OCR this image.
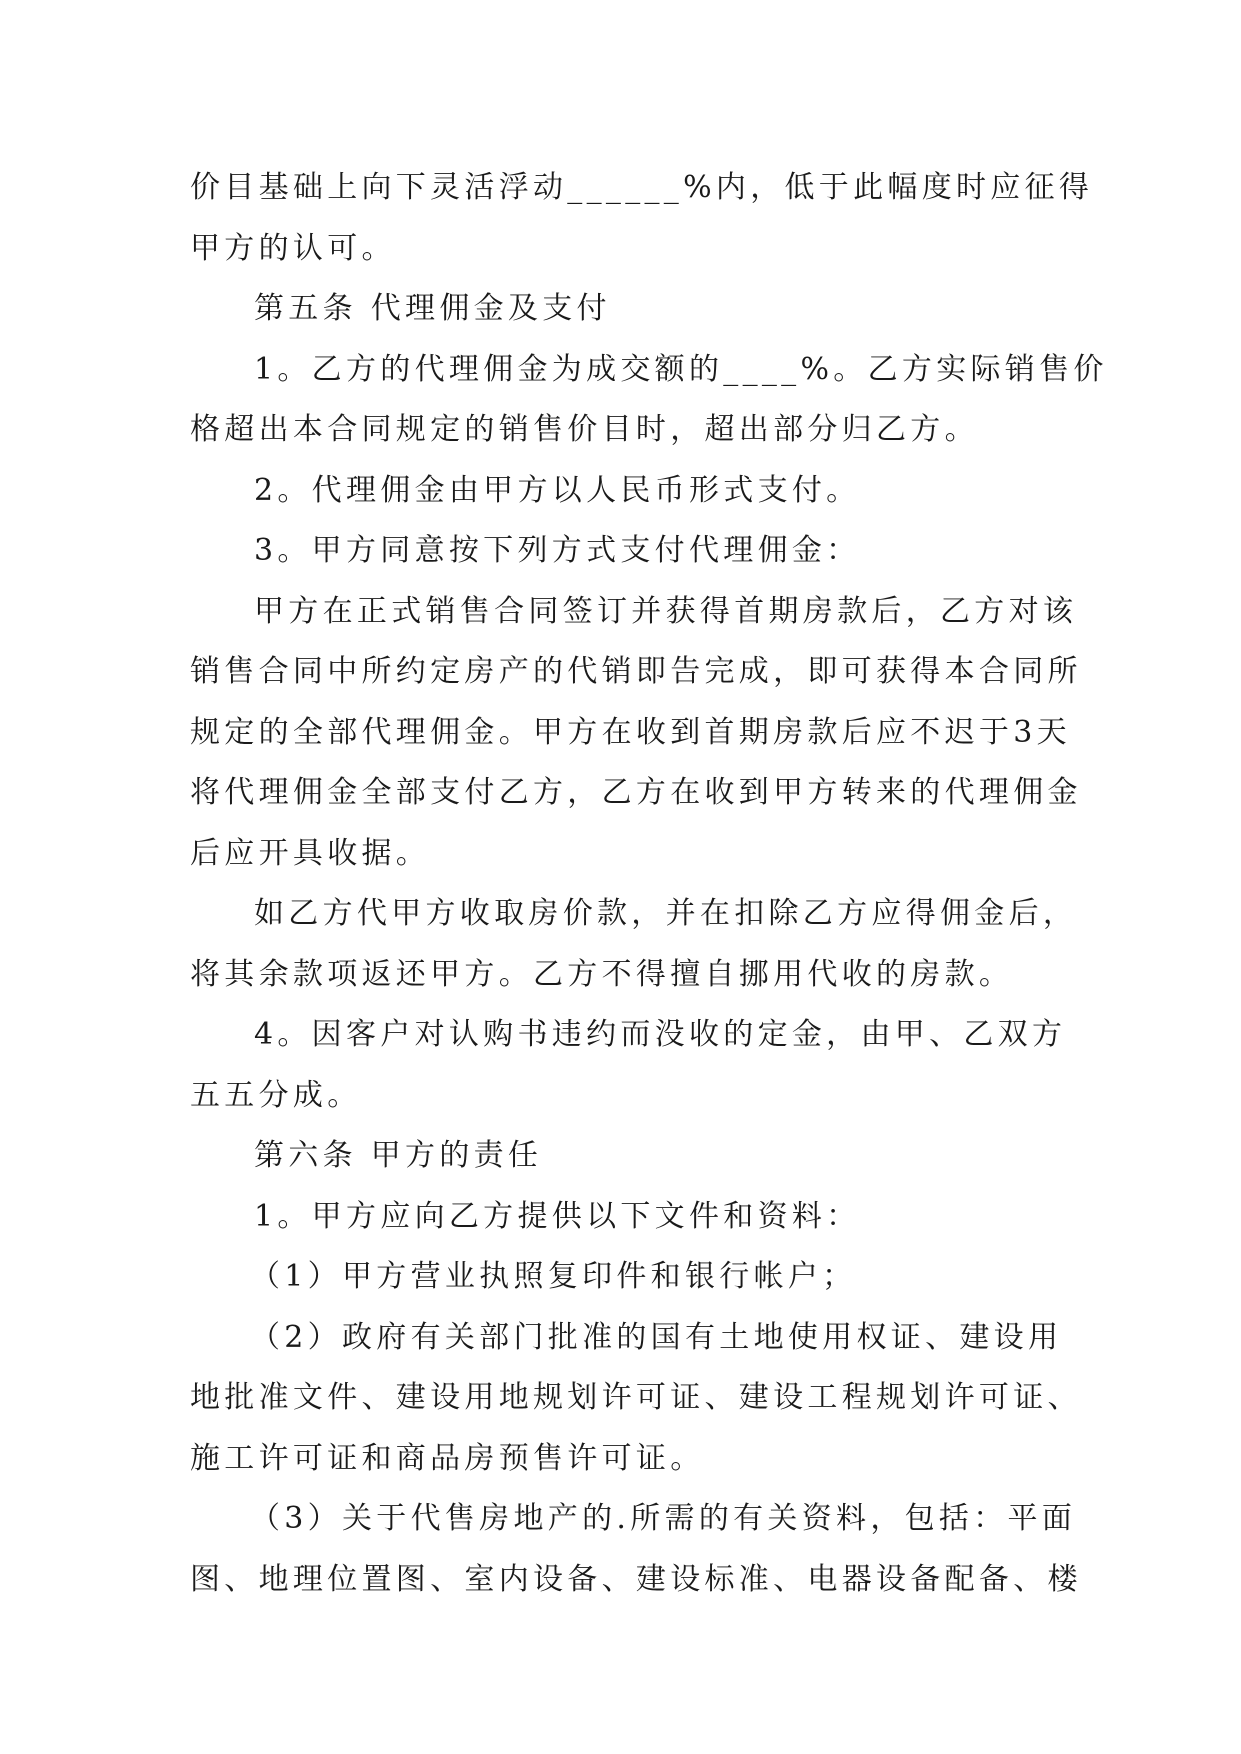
价目基础上向下灵活浮动______%内，低于此幅度时应征得
甲方的认可。
第五条 代理佣金及支付
1。乙方的代理佣金为成交额的____%。乙方实际销售价
格超出本合同规定的销售价目时，超出部分归乙方。
2。代理佣金由甲方以人民币形式支付。
3。甲方同意按下列方式支付代理佣金：
甲方在正式销售合同签订并获得首期房款后，乙方对该
销售合同中所约定房产的代销即告完成，即可获得本合同所
规定的全部代理佣金。甲方在收到首期房款后应不迟于3天
将代理佣金全部支付乙方，乙方在收到甲方转来的代理佣金
后应开具收据。
如乙方代甲方收取房价款，并在扣除乙方应得佣金后，
将其余款项返还甲方。乙方不得擅自挪用代收的房款。
4。因客户对认购书违约而没收的定金，由甲、乙双方
五五分成。
第六条 甲方的责任
1。甲方应向乙方提供以下文件和资料：
（1）甲方营业执照复印件和银行帐户；
（2）政府有关部门批准的国有土地使用权证、建设用
地批准文件、建设用地规划许可证、建设工程规划许可证、
施工许可证和商品房预售许可证。
（3）关于代售房地产的.所需的有关资料，包括：平面
图、地理位置图、室内设备、建设标准、电器设备配备、楼
